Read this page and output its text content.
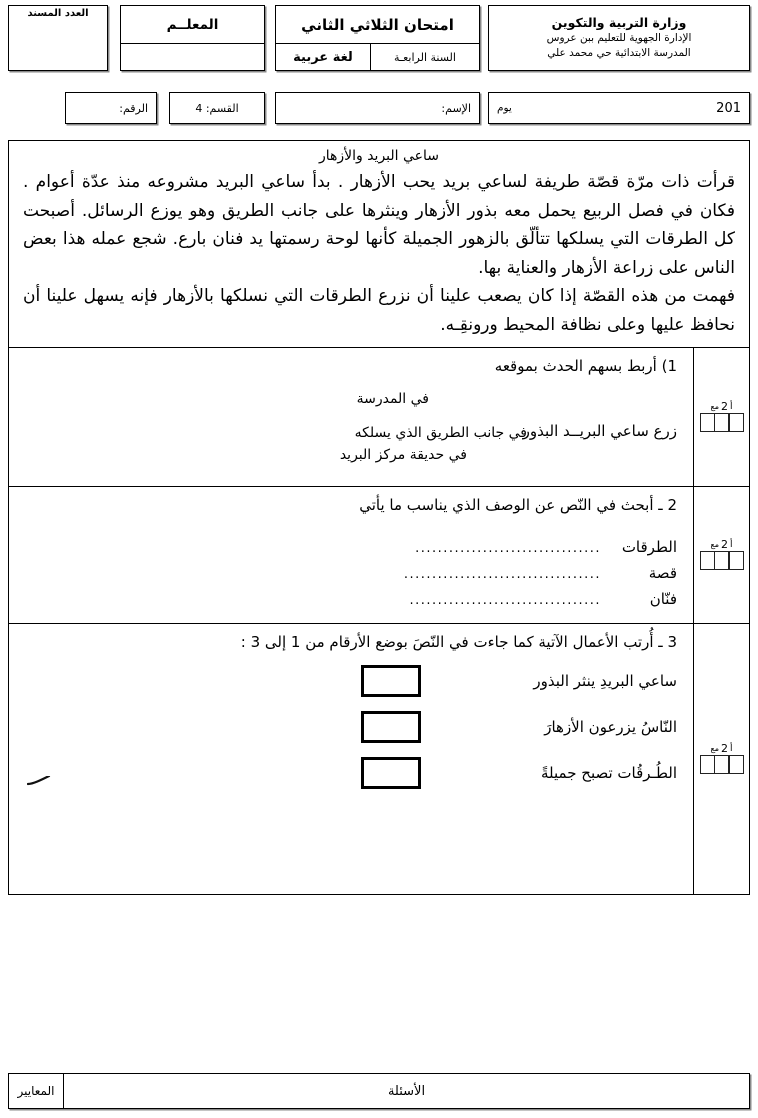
وزارة التربية والتكوين
الإدارة الجهوية للتعليم ببن عروس
المدرسة الابتدائية حي محمد علي
امتحان الثلاثي الثاني
السنة الرابعـة
لغة عربية
المعلــم
العدد المسند
201
يوم
الإسم:
القسم: 4
الرقم:
ساعي البريد والأزهار

قرأت ذات مرّة قصّة طريفة لساعي بريد يحب الأزهار . بدأ ساعي البريد مشروعه منذ عدّة أعوام . فكان في فصل الربيع يحمل معه بذور الأزهار وينثرها على جانب الطريق وهو يوزع الرسائل. أصبحت كل الطرقات التي يسلكها تتألّق بالزهور الجميلة كأنها لوحة رسمتها يد فنان بارع. شجع عمله هذا بعض الناس على زراعة الأزهار والعناية بها.

فهمت من هذه القصّة إذا كان يصعب علينا أن نزرع الطرقات التي نسلكها بالأزهار فإنه يسهل علينا أن نحافظ عليها وعلى نظافة المحيط ورونقِـه.

أ
2
مع

1) أربط بسهم الحدث بموقعه

في المدرسة
في جانب الطريق الذي يسلكه
في حديقة مركز البريد
زرع ساعي البريــد البذور
أ
2
مع

2 ـ أبحث في النّص عن الوصف الذي يناسب ما يأتي

الطرقات
.................................
قصة
...................................
فنّان
..................................
أ
2
مع

3 ـ أُرتب الأعمال الآتية كما جاءت في النّصَ بوضع الأرقام من 1 إلى 3 :

ساعي البريدِ ينثر البذور
النّاسُ يزرعون الأزهارَ
الطُـرقُات تصبح جميلةً
الأسئلة
المعايير
